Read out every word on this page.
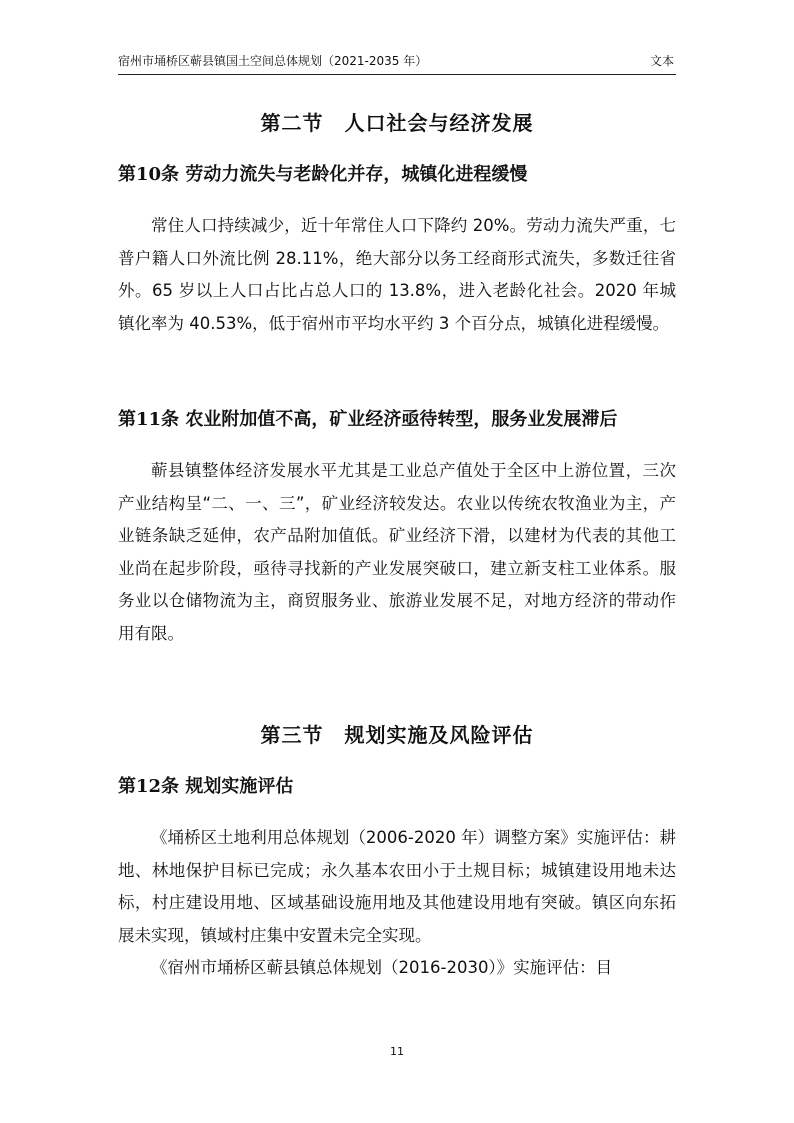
宿州市埇桥区蕲县镇国土空间总体规划（2021-2035 年）	文本
第二节　人口社会与经济发展
第10条 劳动力流失与老龄化并存，城镇化进程缓慢

常住人口持续减少，近十年常住人口下降约 20%。劳动力流失严重，七普户籍人口外流比例 28.11%，绝大部分以务工经商形式流失，多数迁往省外。65 岁以上人口占比占总人口的 13.8%，进入老龄化社会。2020 年城镇化率为 40.53%，低于宿州市平均水平约 3 个百分点，城镇化进程缓慢。

第11条 农业附加值不高，矿业经济亟待转型，服务业发展滞后

蕲县镇整体经济发展水平尤其是工业总产值处于全区中上游位置，三次产业结构呈“二、一、三”，矿业经济较发达。农业以传统农牧渔业为主，产业链条缺乏延伸，农产品附加值低。矿业经济下滑，以建材为代表的其他工业尚在起步阶段，亟待寻找新的产业发展突破口，建立新支柱工业体系。服务业以仓储物流为主，商贸服务业、旅游业发展不足，对地方经济的带动作用有限。

第三节　规划实施及风险评估
第12条 规划实施评估

《埇桥区土地利用总体规划（2006-2020 年）调整方案》实施评估：耕地、林地保护目标已完成；永久基本农田小于土规目标；城镇建设用地未达标，村庄建设用地、区域基础设施用地及其他建设用地有突破。镇区向东拓展未实现，镇域村庄集中安置未完全实现。

《宿州市埇桥区蕲县镇总体规划（2016-2030）》实施评估：目

11
